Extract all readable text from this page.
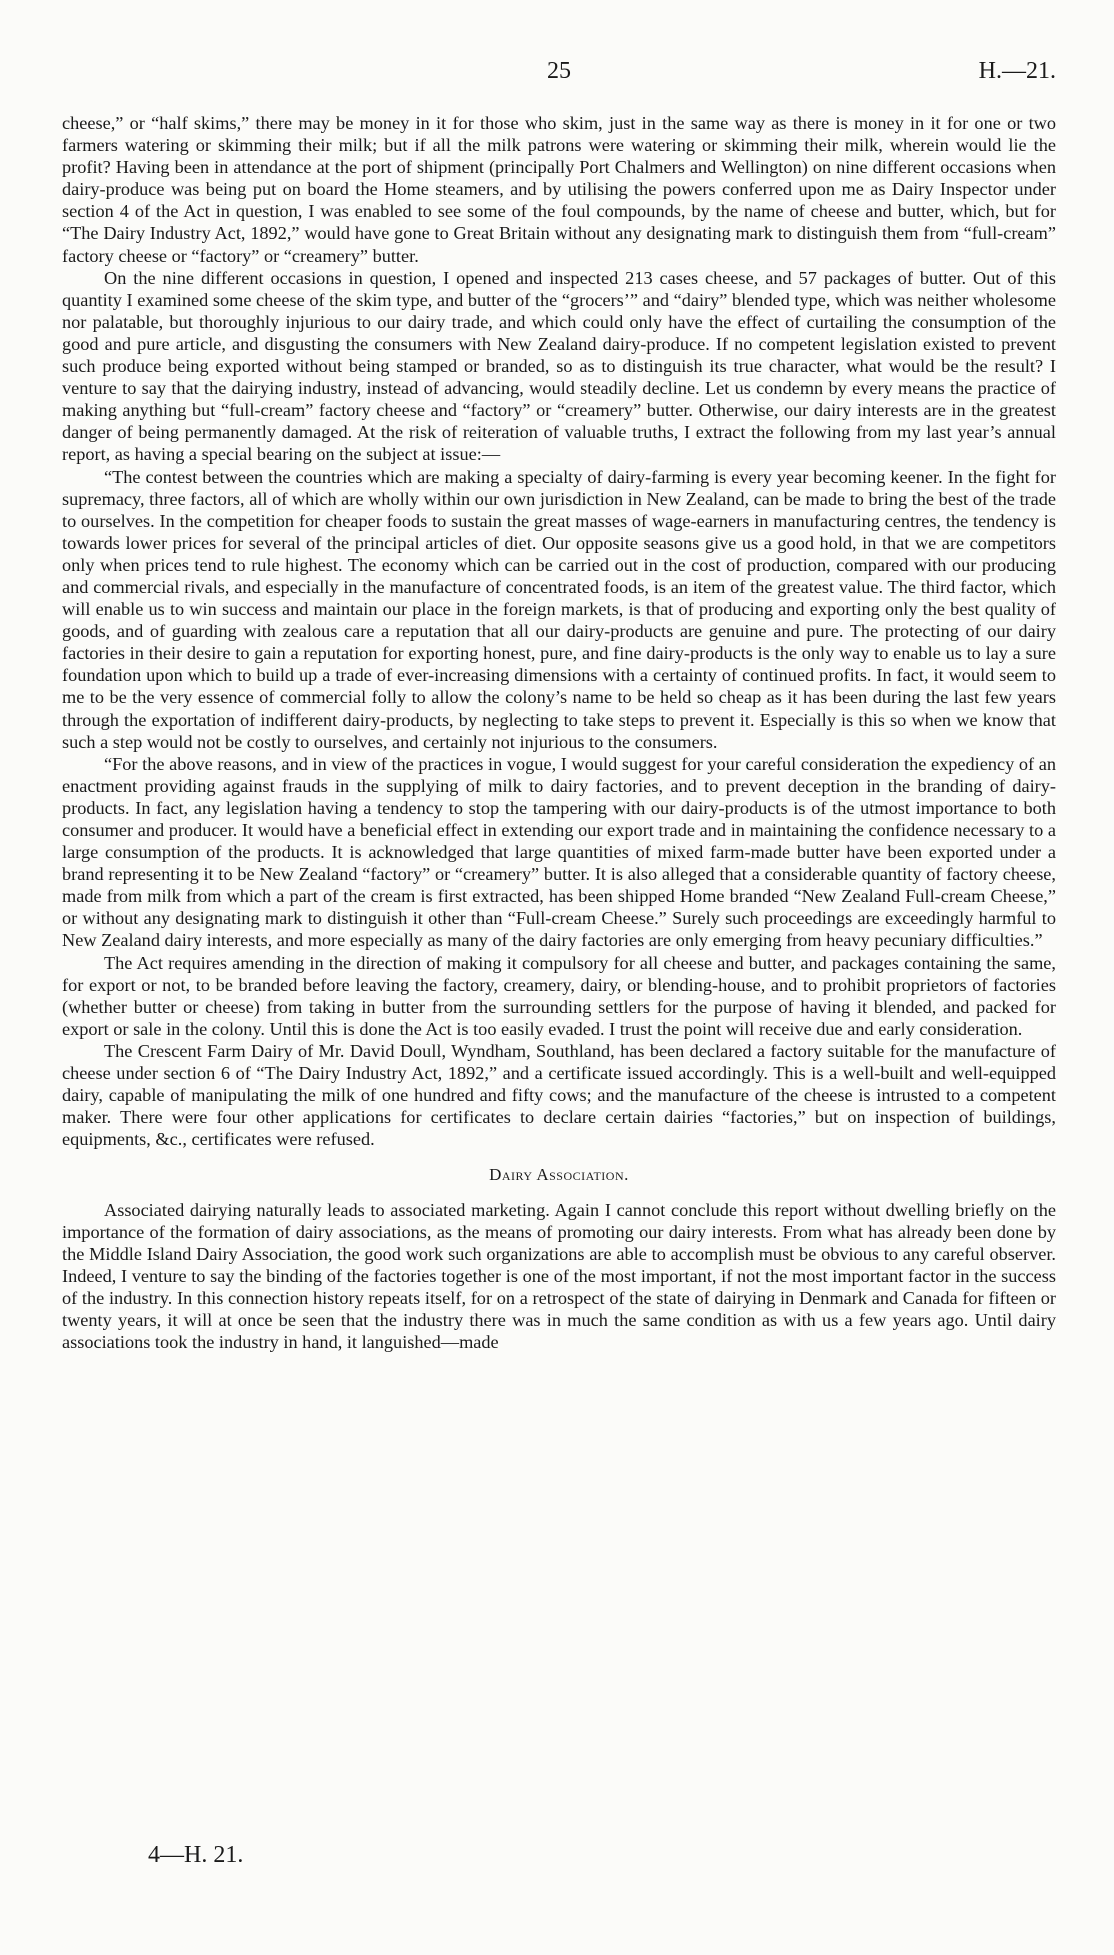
25	H.—21.

cheese,” or “half skims,” there may be money in it for those who skim, just in the same way as there is money in it for one or two farmers watering or skimming their milk; but if all the milk patrons were watering or skimming their milk, wherein would lie the profit? Having been in attendance at the port of shipment (principally Port Chalmers and Wellington) on nine different occasions when dairy-produce was being put on board the Home steamers, and by utilising the powers conferred upon me as Dairy Inspector under section 4 of the Act in question, I was enabled to see some of the foul compounds, by the name of cheese and butter, which, but for “The Dairy Industry Act, 1892,” would have gone to Great Britain without any designating mark to distinguish them from “full-cream” factory cheese or “factory” or “creamery” butter.

On the nine different occasions in question, I opened and inspected 213 cases cheese, and 57 packages of butter. Out of this quantity I examined some cheese of the skim type, and butter of the “grocers’” and “dairy” blended type, which was neither wholesome nor palatable, but thoroughly injurious to our dairy trade, and which could only have the effect of curtailing the consumption of the good and pure article, and disgusting the consumers with New Zealand dairy-produce. If no competent legislation existed to prevent such produce being exported without being stamped or branded, so as to distinguish its true character, what would be the result? I venture to say that the dairying industry, instead of advancing, would steadily decline. Let us condemn by every means the practice of making anything but “full-cream” factory cheese and “factory” or “creamery” butter. Otherwise, our dairy interests are in the greatest danger of being permanently damaged. At the risk of reiteration of valuable truths, I extract the following from my last year’s annual report, as having a special bearing on the subject at issue:—

“The contest between the countries which are making a specialty of dairy-farming is every year becoming keener. In the fight for supremacy, three factors, all of which are wholly within our own jurisdiction in New Zealand, can be made to bring the best of the trade to ourselves. In the competition for cheaper foods to sustain the great masses of wage-earners in manufacturing centres, the tendency is towards lower prices for several of the principal articles of diet. Our opposite seasons give us a good hold, in that we are competitors only when prices tend to rule highest. The economy which can be carried out in the cost of production, compared with our producing and commercial rivals, and especially in the manufacture of concentrated foods, is an item of the greatest value. The third factor, which will enable us to win success and maintain our place in the foreign markets, is that of producing and exporting only the best quality of goods, and of guarding with zealous care a reputation that all our dairy-products are genuine and pure. The protecting of our dairy factories in their desire to gain a reputation for exporting honest, pure, and fine dairy-products is the only way to enable us to lay a sure foundation upon which to build up a trade of ever-increasing dimensions with a certainty of continued profits. In fact, it would seem to me to be the very essence of commercial folly to allow the colony’s name to be held so cheap as it has been during the last few years through the exportation of indifferent dairy-products, by neglecting to take steps to prevent it. Especially is this so when we know that such a step would not be costly to ourselves, and certainly not injurious to the consumers.

“For the above reasons, and in view of the practices in vogue, I would suggest for your careful consideration the expediency of an enactment providing against frauds in the supplying of milk to dairy factories, and to prevent deception in the branding of dairy-products. In fact, any legislation having a tendency to stop the tampering with our dairy-products is of the utmost importance to both consumer and producer. It would have a beneficial effect in extending our export trade and in maintaining the confidence necessary to a large consumption of the products. It is acknowledged that large quantities of mixed farm-made butter have been exported under a brand representing it to be New Zealand “factory” or “creamery” butter. It is also alleged that a considerable quantity of factory cheese, made from milk from which a part of the cream is first extracted, has been shipped Home branded “New Zealand Full-cream Cheese,” or without any designating mark to distinguish it other than “Full-cream Cheese.” Surely such proceedings are exceedingly harmful to New Zealand dairy interests, and more especially as many of the dairy factories are only emerging from heavy pecuniary difficulties.”

The Act requires amending in the direction of making it compulsory for all cheese and butter, and packages containing the same, for export or not, to be branded before leaving the factory, creamery, dairy, or blending-house, and to prohibit proprietors of factories (whether butter or cheese) from taking in butter from the surrounding settlers for the purpose of having it blended, and packed for export or sale in the colony. Until this is done the Act is too easily evaded. I trust the point will receive due and early consideration.

The Crescent Farm Dairy of Mr. David Doull, Wyndham, Southland, has been declared a factory suitable for the manufacture of cheese under section 6 of “The Dairy Industry Act, 1892,” and a certificate issued accordingly. This is a well-built and well-equipped dairy, capable of manipulating the milk of one hundred and fifty cows; and the manufacture of the cheese is intrusted to a competent maker. There were four other applications for certificates to declare certain dairies “factories,” but on inspection of buildings, equipments, &c., certificates were refused.

Dairy Association.

Associated dairying naturally leads to associated marketing. Again I cannot conclude this report without dwelling briefly on the importance of the formation of dairy associations, as the means of promoting our dairy interests. From what has already been done by the Middle Island Dairy Association, the good work such organizations are able to accomplish must be obvious to any careful observer. Indeed, I venture to say the binding of the factories together is one of the most important, if not the most important factor in the success of the industry. In this connection history repeats itself, for on a retrospect of the state of dairying in Denmark and Canada for fifteen or twenty years, it will at once be seen that the industry there was in much the same condition as with us a few years ago. Until dairy associations took the industry in hand, it languished—made

4—H. 21.
